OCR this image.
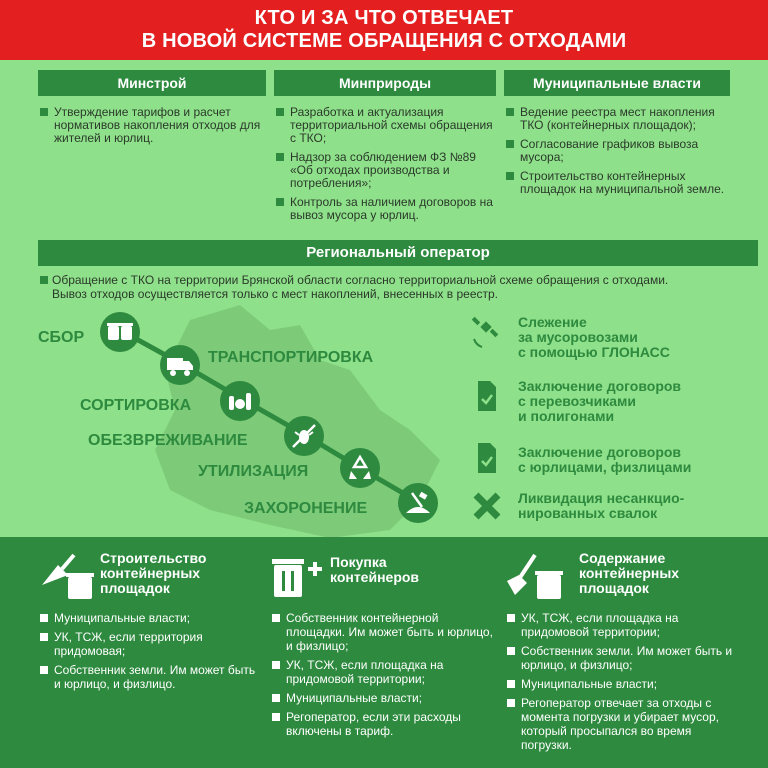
КТО И ЗА ЧТО ОТВЕЧАЕТ
В НОВОЙ СИСТЕМЕ ОБРАЩЕНИЯ С ОТХОДАМИ
Минстрой
Утверждение тарифов и расчет нормативов накопления отходов для жителей и юрлиц.
Минприроды
Разработка и актуализация территориальной схемы обращения с ТКО;
Надзор за соблюдением ФЗ №89 «Об отходах производства и потребления»;
Контроль за наличием договоров на вывоз мусора у юрлиц.
Муниципальные власти
Ведение реестра мест накопления ТКО (контейнерных площадок);
Согласование графиков вывоза мусора;
Строительство контейнерных площадок на муниципальной земле.
Региональный оператор
Обращение с ТКО на территории Брянской области согласно территориальной схеме обращения с отходами.
Вывоз отходов осуществляется только с мест накоплений, внесенных в реестр.
СБОР
ТРАНСПОРТИРОВКА
СОРТИРОВКА
ОБЕЗВРЕЖИВАНИЕ
УТИЛИЗАЦИЯ
ЗАХОРОНЕНИЕ
Слежение
за мусоровозами
с помощью ГЛОНАСС
Заключение договоров
с перевозчиками
и полигонами
Заключение договоров
с юрлицами, физлицами
Ликвидация несанкцио-
нированных свалок
Строительство
контейнерных
площадок
Муниципальные власти;
УК, ТСЖ, если территория придомовая;
Собственник земли. Им может быть и юрлицо, и физлицо.
Покупка
контейнеров
Собственник контейнерной площадки. Им может быть и юрлицо, и физлицо;
УК, ТСЖ, если площадка на придомовой территории;
Муниципальные власти;
Регоператор, если эти расходы включены в тариф.
Содержание
контейнерных
площадок
УК, ТСЖ, если площадка на придомовой территории;
Собственник земли. Им может быть и юрлицо, и физлицо;
Муниципальные власти;
Регоператор отвечает за отходы с момента погрузки и убирает мусор, который просыпался во время погрузки.
